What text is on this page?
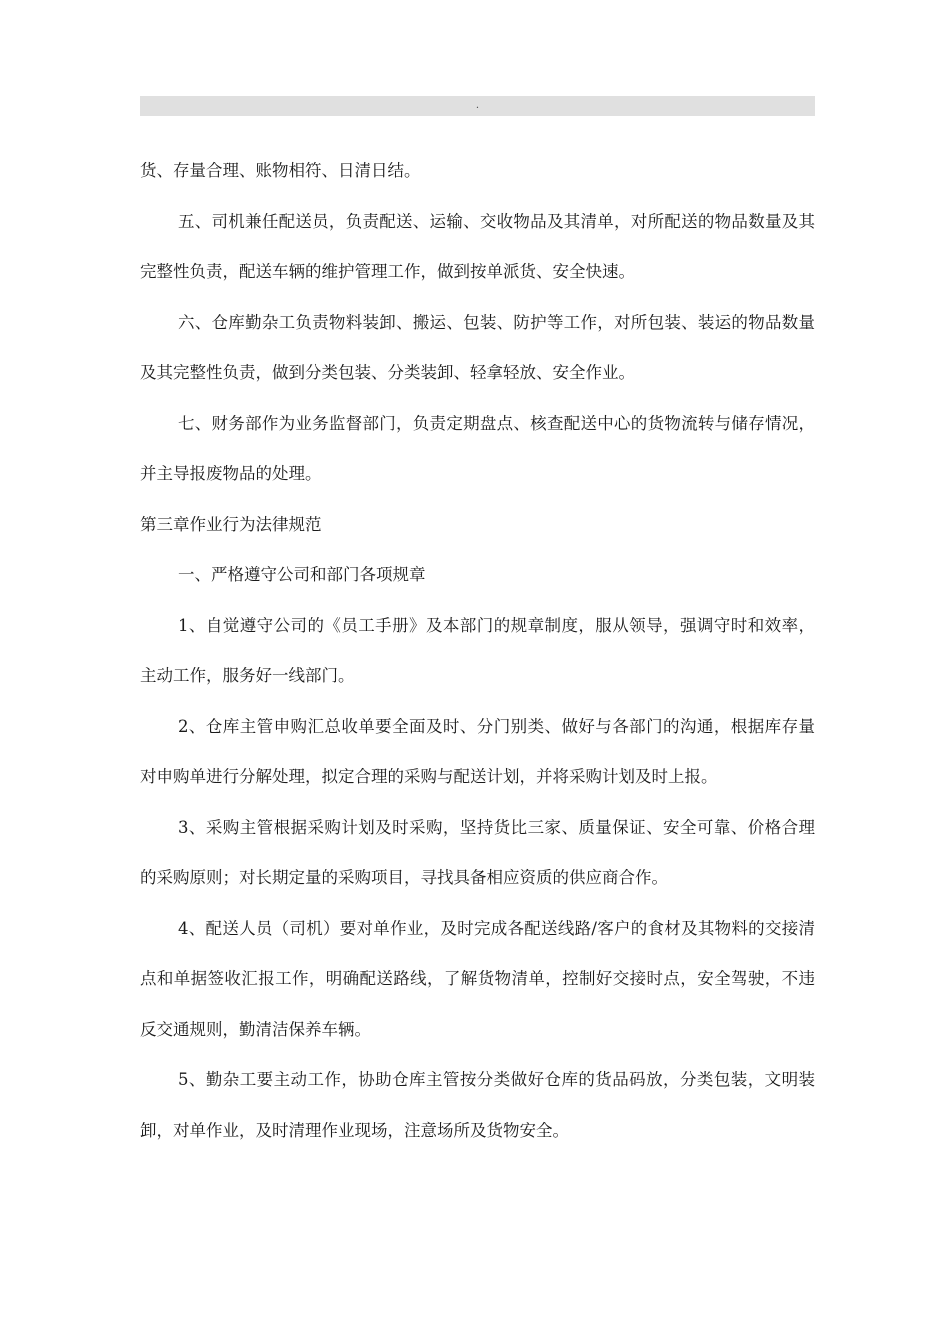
.

货、存量合理、账物相符、日清日结。

五、司机兼任配送员，负责配送、运输、交收物品及其清单，对所配送的物品数量及其完整性负责，配送车辆的维护管理工作，做到按单派货、安全快速。

六、仓库勤杂工负责物料装卸、搬运、包装、防护等工作，对所包装、装运的物品数量及其完整性负责，做到分类包装、分类装卸、轻拿轻放、安全作业。

七、财务部作为业务监督部门，负责定期盘点、核查配送中心的货物流转与储存情况，并主导报废物品的处理。

第三章作业行为法律规范

一、严格遵守公司和部门各项规章

1、自觉遵守公司的《员工手册》及本部门的规章制度，服从领导，强调守时和效率，主动工作，服务好一线部门。

2、仓库主管申购汇总收单要全面及时、分门别类、做好与各部门的沟通，根据库存量对申购单进行分解处理，拟定合理的采购与配送计划，并将采购计划及时上报。

3、采购主管根据采购计划及时采购，坚持货比三家、质量保证、安全可靠、价格合理的采购原则；对长期定量的采购项目，寻找具备相应资质的供应商合作。

4、配送人员（司机）要对单作业，及时完成各配送线路/客户的食材及其物料的交接清点和单据签收汇报工作，明确配送路线，了解货物清单，控制好交接时点，安全驾驶，不违反交通规则，勤清洁保养车辆。

5、勤杂工要主动工作，协助仓库主管按分类做好仓库的货品码放，分类包装，文明装卸，对单作业，及时清理作业现场，注意场所及货物安全。
